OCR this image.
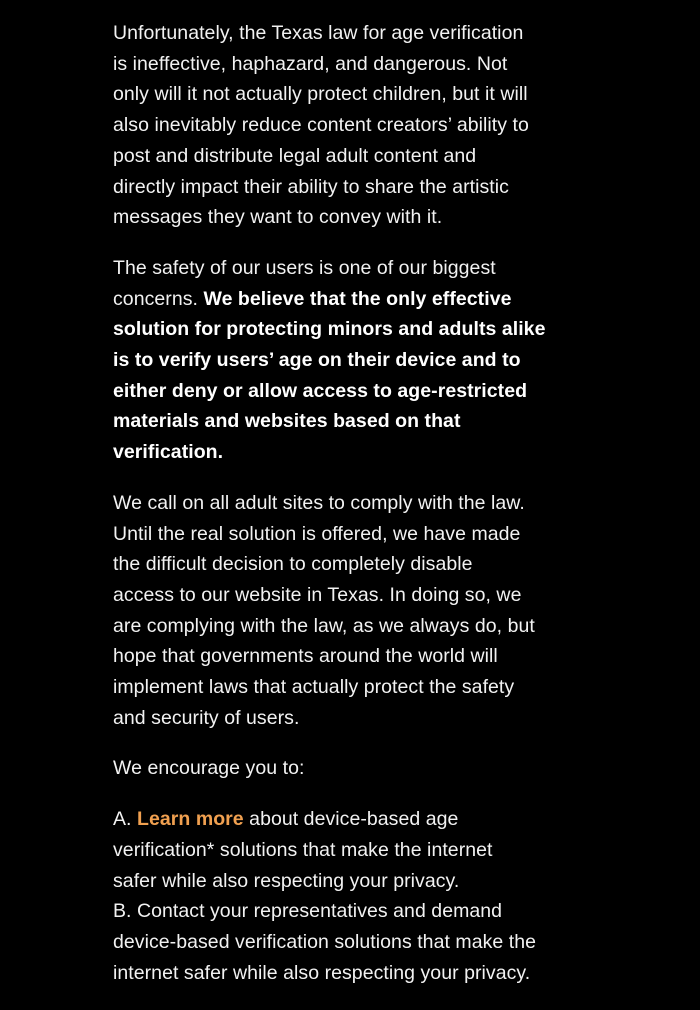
Unfortunately, the Texas law for age verification
is ineffective, haphazard, and dangerous. Not
only will it not actually protect children, but it will
also inevitably reduce content creators’ ability to
post and distribute legal adult content and
directly impact their ability to share the artistic
messages they want to convey with it.

The safety of our users is one of our biggest
concerns. We believe that the only effective
solution for protecting minors and adults alike
is to verify users’ age on their device and to
either deny or allow access to age-restricted
materials and websites based on that
verification.

We call on all adult sites to comply with the law.
Until the real solution is offered, we have made
the difficult decision to completely disable
access to our website in Texas. In doing so, we
are complying with the law, as we always do, but
hope that governments around the world will
implement laws that actually protect the safety
and security of users.

We encourage you to:

A. Learn more about device-based age
verification* solutions that make the internet
safer while also respecting your privacy.
B. Contact your representatives and demand
device-based verification solutions that make the
internet safer while also respecting your privacy.
